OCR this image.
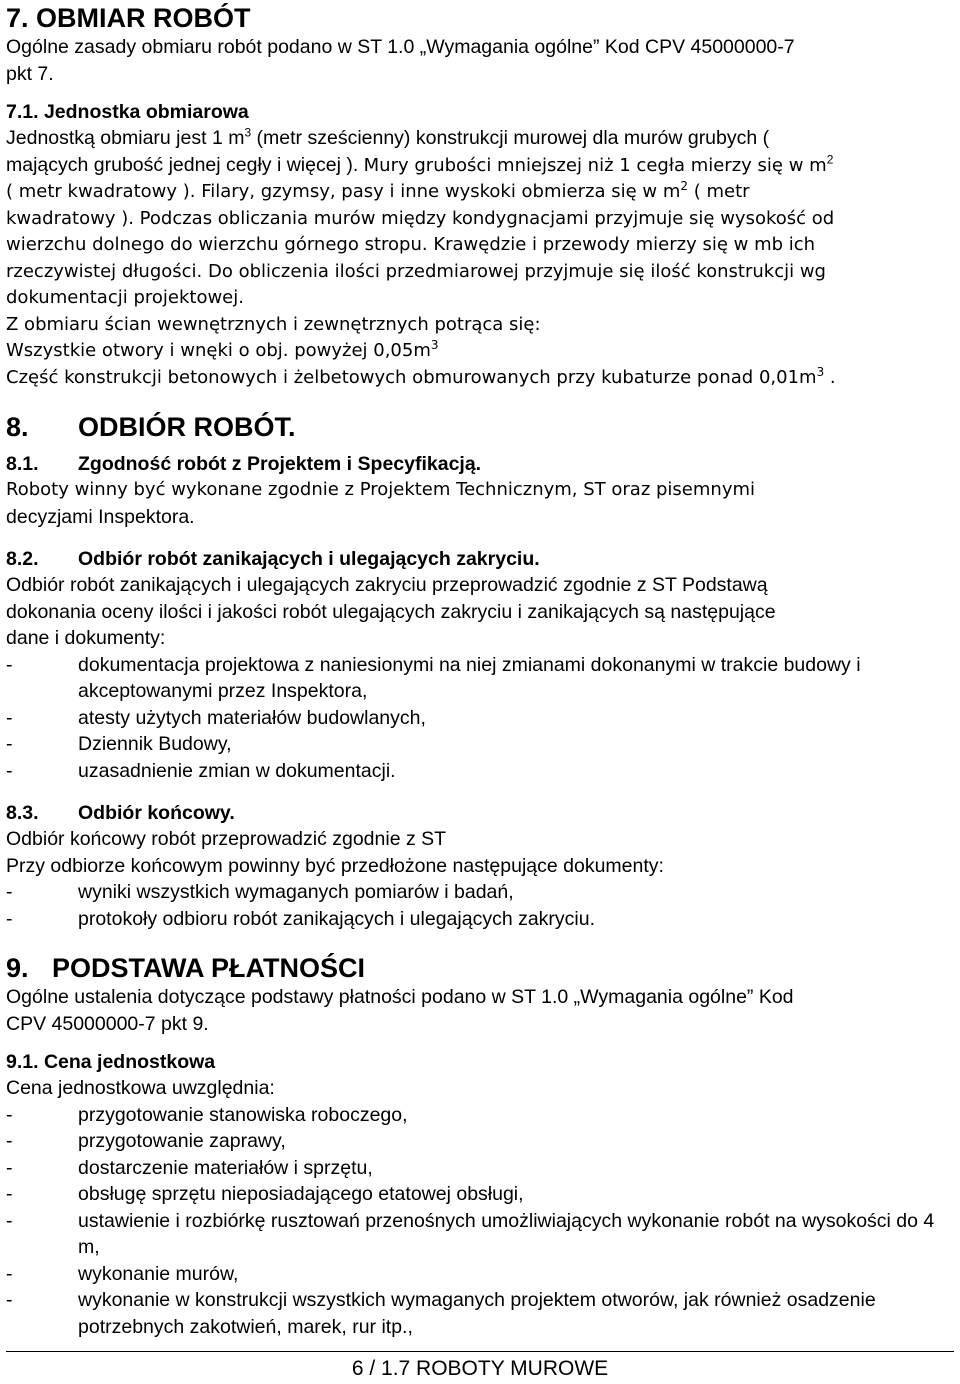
7. OBMIAR ROBÓT

Ogólne zasady obmiaru robót podano w ST 1.0 „Wymagania ogólne” Kod CPV 45000000-7

pkt 7.

7.1. Jednostka obmiarowa

Jednostką obmiaru jest 1 $m^3$ (metr sześcienny) konstrukcji murowej dla murów grubych (

mających grubość jednej cegły i więcej ). Mury grubości mniejszej niż 1 cegła mierzy się w $m^2$

( metr kwadratowy ). Filary, gzymsy, pasy i inne wyskoki obmierza się w $m^2$ ( metr

kwadratowy ). Podczas obliczania murów między kondygnacjami przyjmuje się wysokość od

wierzchu dolnego do wierzchu górnego stropu. Krawędzie i przewody mierzy się w mb ich

rzeczywistej długości. Do obliczenia ilości przedmiarowej przyjmuje się ilość konstrukcji wg

dokumentacji projektowej.

Z obmiaru ścian wewnętrznych i zewnętrznych potrąca się:

Wszystkie otwory i wnęki o obj. powyżej $0,05m^3$

Część konstrukcji betonowych i żelbetowych obmurowanych przy kubaturze ponad $0,01m^3$ .

8.	ODBIÓR ROBÓT.
8.1.	Zgodność robót z Projektem i Specyfikacją.

Roboty winny być wykonane zgodnie z Projektem Technicznym, ST oraz pisemnymi

decyzjami Inspektora.

8.2.	Odbiór robót zanikających i ulegających zakryciu.

Odbiór robót zanikających i ulegających zakryciu przeprowadzić zgodnie z ST Podstawą

dokonania oceny ilości i jakości robót ulegających zakryciu i zanikających są następujące

dane i dokumenty:

-	dokumentacja projektowa z naniesionymi na niej zmianami dokonanymi w trakcie budowy i akceptowanymi przez Inspektora,
-	atesty użytych materiałów budowlanych,
-	Dziennik Budowy,
-	uzasadnienie zmian w dokumentacji.
8.3.	Odbiór końcowy.

Odbiór końcowy robót przeprowadzić zgodnie z ST

Przy odbiorze końcowym powinny być przedłożone następujące dokumenty:

-	wyniki wszystkich wymaganych pomiarów i badań,
-	protokoły odbioru robót zanikających i ulegających zakryciu.
9. PODSTAWA PŁATNOŚCI

Ogólne ustalenia dotyczące podstawy płatności podano w ST 1.0 „Wymagania ogólne” Kod

CPV 45000000-7 pkt 9.

9.1. Cena jednostkowa

Cena jednostkowa uwzględnia:

-	przygotowanie stanowiska roboczego,
-	przygotowanie zaprawy,
-	dostarczenie materiałów i sprzętu,
-	obsługę sprzętu nieposiadającego etatowej obsługi,
-	ustawienie i rozbiórkę rusztowań przenośnych umożliwiających wykonanie robót na wysokości do 4 m,
-	wykonanie murów,
-	wykonanie w konstrukcji wszystkich wymaganych projektem otworów, jak również osadzenie potrzebnych zakotwień, marek, rur itp.,
6 / 1.7 ROBOTY MUROWE
